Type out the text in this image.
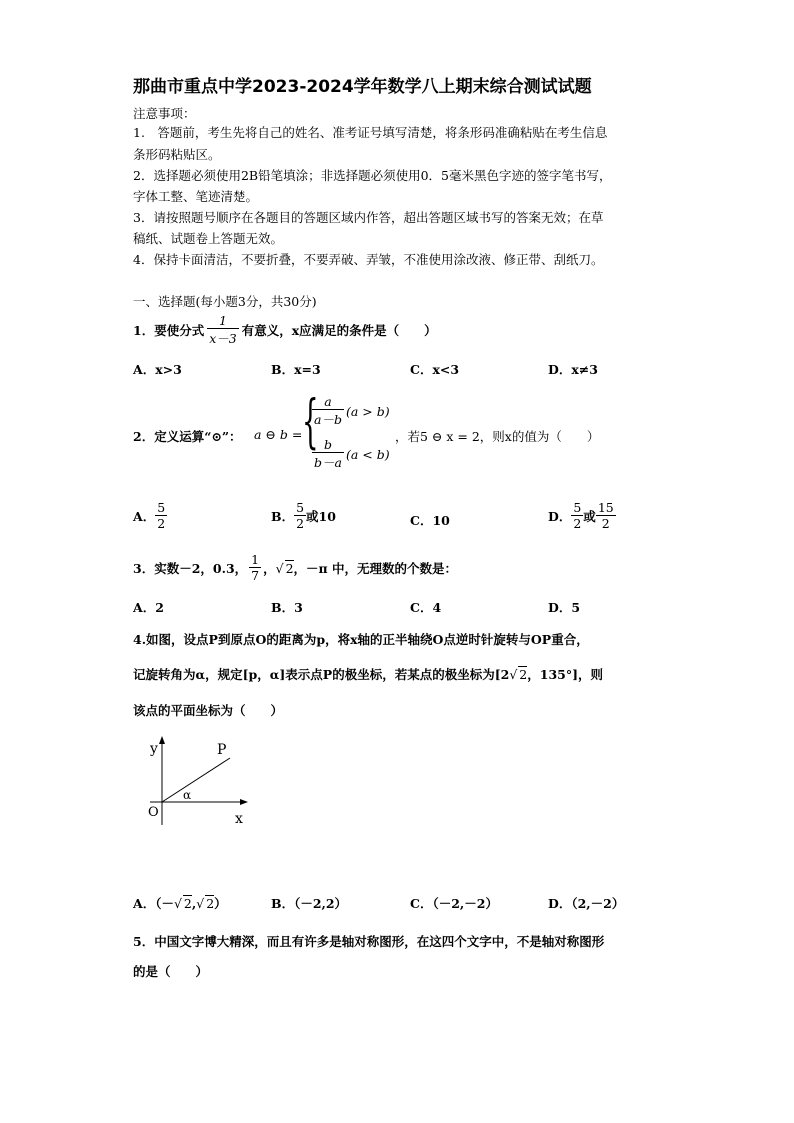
那曲市重点中学2023-2024学年数学八上期末综合测试试题
注意事项：
1.　答题前，考生先将自己的姓名、准考证号填写清楚，将条形码准确粘贴在考生信息
条形码粘贴区。
2．选择题必须使用2B铅笔填涂；非选择题必须使用0．5毫米黑色字迹的签字笔书写，
字体工整、笔迹清楚。
3．请按照题号顺序在各题目的答题区域内作答，超出答题区域书写的答案无效；在草
稿纸、试题卷上答题无效。
4．保持卡面清洁，不要折叠，不要弄破、弄皱，不准使用涂改液、修正带、刮纸刀。
一、选择题(每小题3分，共30分)
1．要使分式 $\frac{1}{x-3}$ 有意义，x应满足的条件是（　　）
A．x>3	B．x=3	C．x<3	D．x≠3
2．定义运算“⊙”： a ⊖ b = {
$\frac{a}{a-b} (a > b)$
$\frac{b}{b-a} (a < b)$
，若5 ⊖ x = 2，则x的值为（　　）
A． $\frac{5}{2}$	B． $\frac{5}{2}$ 或10	C．10	D． $\frac{5}{2}$ 或 $\frac{15}{2}$
3．实数－2，0.3， $\frac{1}{7}$ ， √ 2 ，－π 中，无理数的个数是：
A．2	B．3	C．4	D．5
4.如图，设点P到原点O的距离为p，将x轴的正半轴绕O点逆时针旋转与OP重合，
记旋转角为α，规定[p，α]表示点P的极坐标，若某点的极坐标为[2√ 2，135°]，则
该点的平面坐标为（　　）
y
x
O
P
α
A．（－√ 2,√ 2）	B．（－2,2）	C．（－2,－2）	D．（2,－2）
5．中国文字博大精深，而且有许多是轴对称图形，在这四个文字中，不是轴对称图形
的是（　　）
